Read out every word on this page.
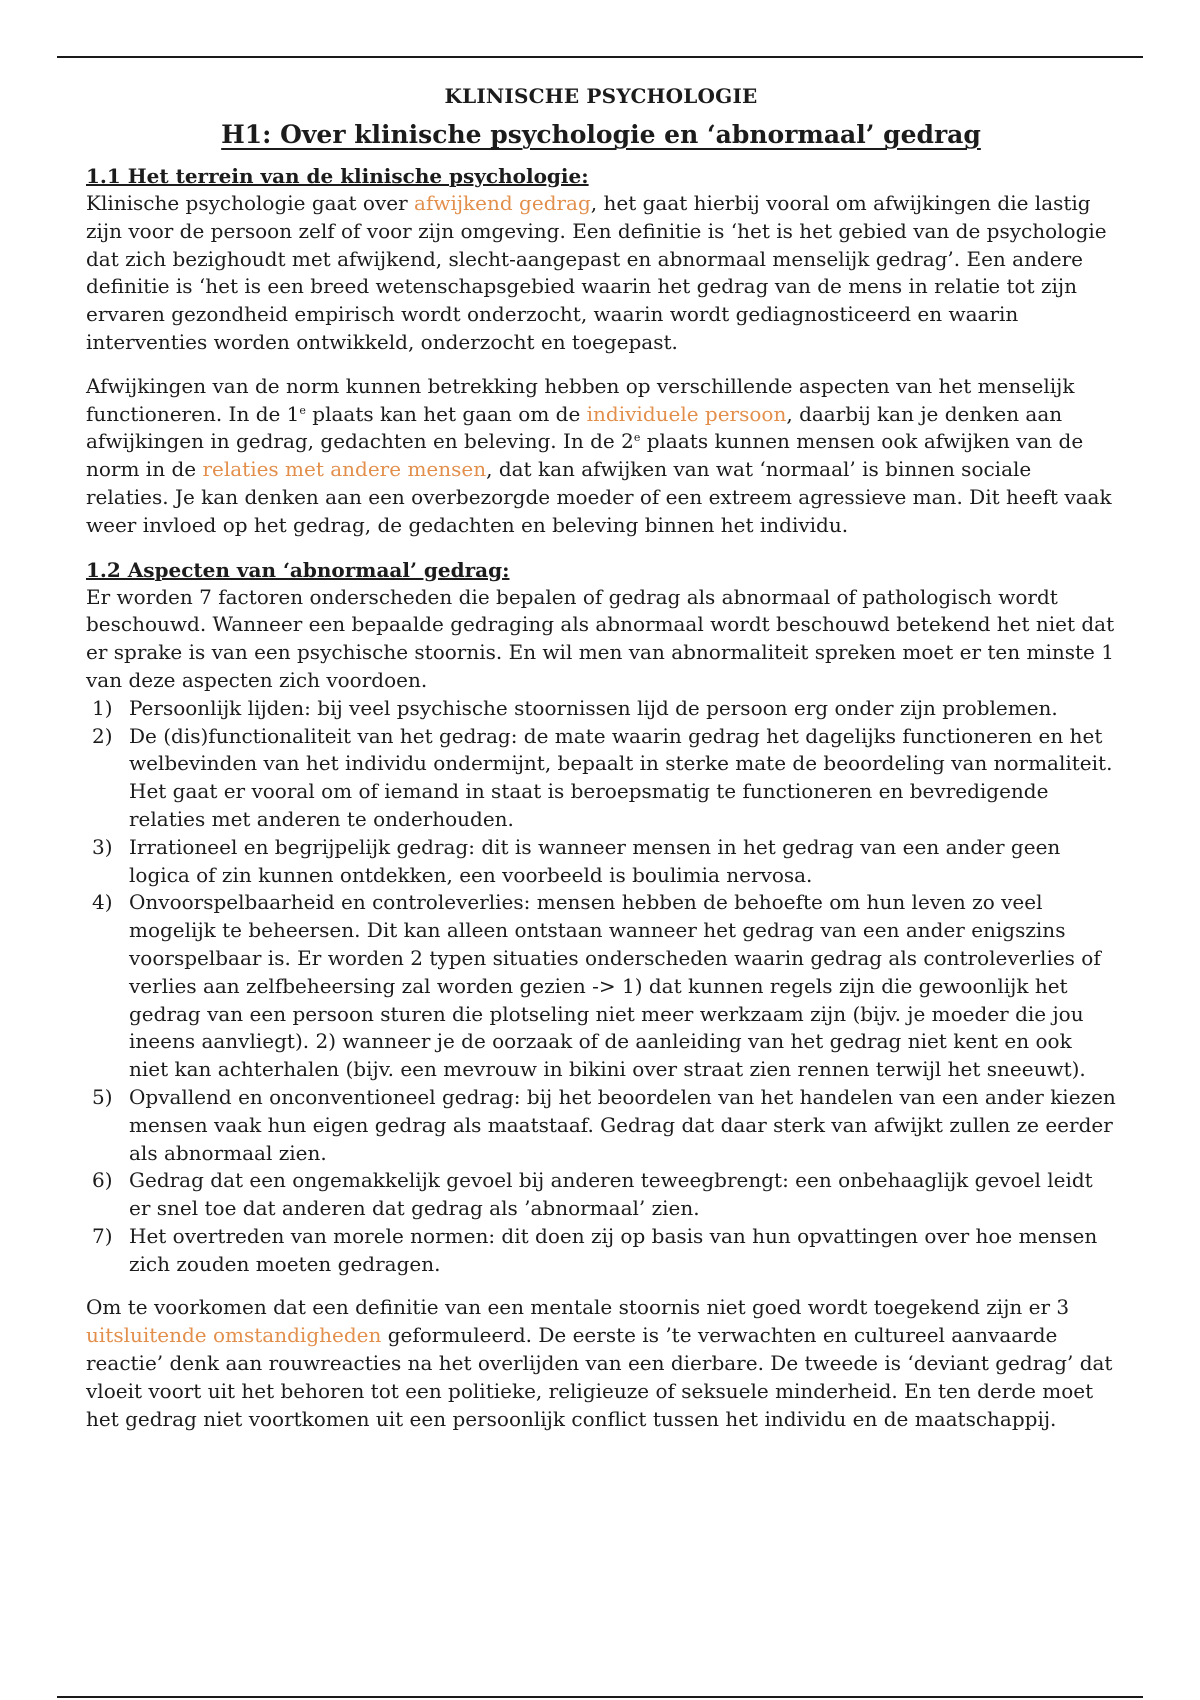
KLINISCHE PSYCHOLOGIE
H1: Over klinische psychologie en ‘abnormaal’ gedrag
1.1 Het terrein van de klinische psychologie:

Klinische psychologie gaat over afwijkend gedrag, het gaat hierbij vooral om afwijkingen die lastig zijn voor de persoon zelf of voor zijn omgeving. Een definitie is ‘het is het gebied van de psychologie dat zich bezighoudt met afwijkend, slecht-aangepast en abnormaal menselijk gedrag’. Een andere definitie is ‘het is een breed wetenschapsgebied waarin het gedrag van de mens in relatie tot zijn ervaren gezondheid empirisch wordt onderzocht, waarin wordt gediagnosticeerd en waarin interventies worden ontwikkeld, onderzocht en toegepast.

Afwijkingen van de norm kunnen betrekking hebben op verschillende aspecten van het menselijk functioneren. In de 1e plaats kan het gaan om de individuele persoon, daarbij kan je denken aan afwijkingen in gedrag, gedachten en beleving. In de 2e plaats kunnen mensen ook afwijken van de norm in de relaties met andere mensen, dat kan afwijken van wat ‘normaal’ is binnen sociale relaties. Je kan denken aan een overbezorgde moeder of een extreem agressieve man. Dit heeft vaak weer invloed op het gedrag, de gedachten en beleving binnen het individu.

1.2 Aspecten van ‘abnormaal’ gedrag:

Er worden 7 factoren onderscheden die bepalen of gedrag als abnormaal of pathologisch wordt beschouwd. Wanneer een bepaalde gedraging als abnormaal wordt beschouwd betekend het niet dat er sprake is van een psychische stoornis. En wil men van abnormaliteit spreken moet er ten minste 1 van deze aspecten zich voordoen.

1) Persoonlijk lijden: bij veel psychische stoornissen lijd de persoon erg onder zijn problemen.
2) De (dis)functionaliteit van het gedrag: de mate waarin gedrag het dagelijks functioneren en het welbevinden van het individu ondermijnt, bepaalt in sterke mate de beoordeling van normaliteit. Het gaat er vooral om of iemand in staat is beroepsmatig te functioneren en bevredigende relaties met anderen te onderhouden.
3) Irrationeel en begrijpelijk gedrag: dit is wanneer mensen in het gedrag van een ander geen logica of zin kunnen ontdekken, een voorbeeld is boulimia nervosa.
4) Onvoorspelbaarheid en controleverlies: mensen hebben de behoefte om hun leven zo veel mogelijk te beheersen. Dit kan alleen ontstaan wanneer het gedrag van een ander enigszins voorspelbaar is. Er worden 2 typen situaties onderscheden waarin gedrag als controleverlies of verlies aan zelfbeheersing zal worden gezien -> 1) dat kunnen regels zijn die gewoonlijk het gedrag van een persoon sturen die plotseling niet meer werkzaam zijn (bijv. je moeder die jou ineens aanvliegt). 2) wanneer je de oorzaak of de aanleiding van het gedrag niet kent en ook niet kan achterhalen (bijv. een mevrouw in bikini over straat zien rennen terwijl het sneeuwt).
5) Opvallend en onconventioneel gedrag: bij het beoordelen van het handelen van een ander kiezen mensen vaak hun eigen gedrag als maatstaaf. Gedrag dat daar sterk van afwijkt zullen ze eerder als abnormaal zien.
6) Gedrag dat een ongemakkelijk gevoel bij anderen teweegbrengt: een onbehaaglijk gevoel leidt er snel toe dat anderen dat gedrag als ’abnormaal’ zien.
7) Het overtreden van morele normen: dit doen zij op basis van hun opvattingen over hoe mensen zich zouden moeten gedragen.

Om te voorkomen dat een definitie van een mentale stoornis niet goed wordt toegekend zijn er 3 uitsluitende omstandigheden geformuleerd. De eerste is ’te verwachten en cultureel aanvaarde reactie’ denk aan rouwreacties na het overlijden van een dierbare. De tweede is ‘deviant gedrag’ dat vloeit voort uit het behoren tot een politieke, religieuze of seksuele minderheid. En ten derde moet het gedrag niet voortkomen uit een persoonlijk conflict tussen het individu en de maatschappij.
